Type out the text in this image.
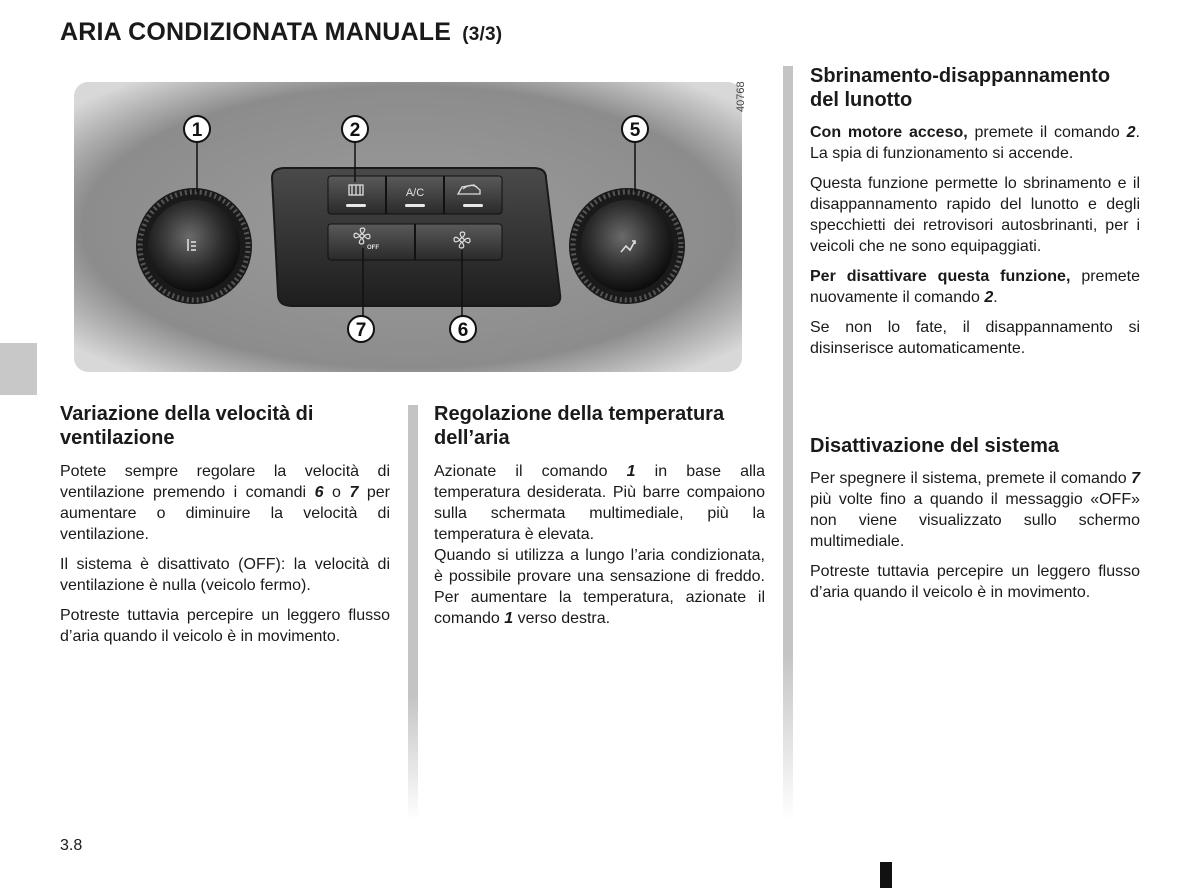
ARIA CONDIZIONATA MANUALE (3/3)
1	2	5
7	6
A/C
OFF
40768
Variazione della velocità di ventilazione

Potete sempre regolare la velocità di ventilazione premendo i comandi 6 o 7 per aumentare o diminuire la velocità di ventilazione.

Il sistema è disattivato (OFF): la velocità di ventilazione è nulla (veicolo fermo).

Potreste tuttavia percepire un leggero flusso d’aria quando il veicolo è in movimento.

Regolazione della temperatura dell’aria

Azionate il comando 1 in base alla temperatura desiderata. Più barre compaiono sulla schermata multimediale, più la temperatura è elevata.

Quando si utilizza a lungo l’aria condizionata, è possibile provare una sensazione di freddo. Per aumentare la temperatura, azionate il comando 1 verso destra.

Sbrinamento-disappannamento del lunotto

Con motore acceso, premete il comando 2. La spia di funzionamento si accende.

Questa funzione permette lo sbrinamento e il disappannamento rapido del lunotto e degli specchietti dei retrovisori autosbrinanti, per i veicoli che ne sono equipaggiati.

Per disattivare questa funzione, premete nuovamente il comando 2.

Se non lo fate, il disappannamento si disinserisce automaticamente.

Disattivazione del sistema

Per spegnere il sistema, premete il comando 7 più volte fino a quando il messaggio «OFF» non viene visualizzato sullo schermo multimediale.

Potreste tuttavia percepire un leggero flusso d’aria quando il veicolo è in movimento.

3.8
